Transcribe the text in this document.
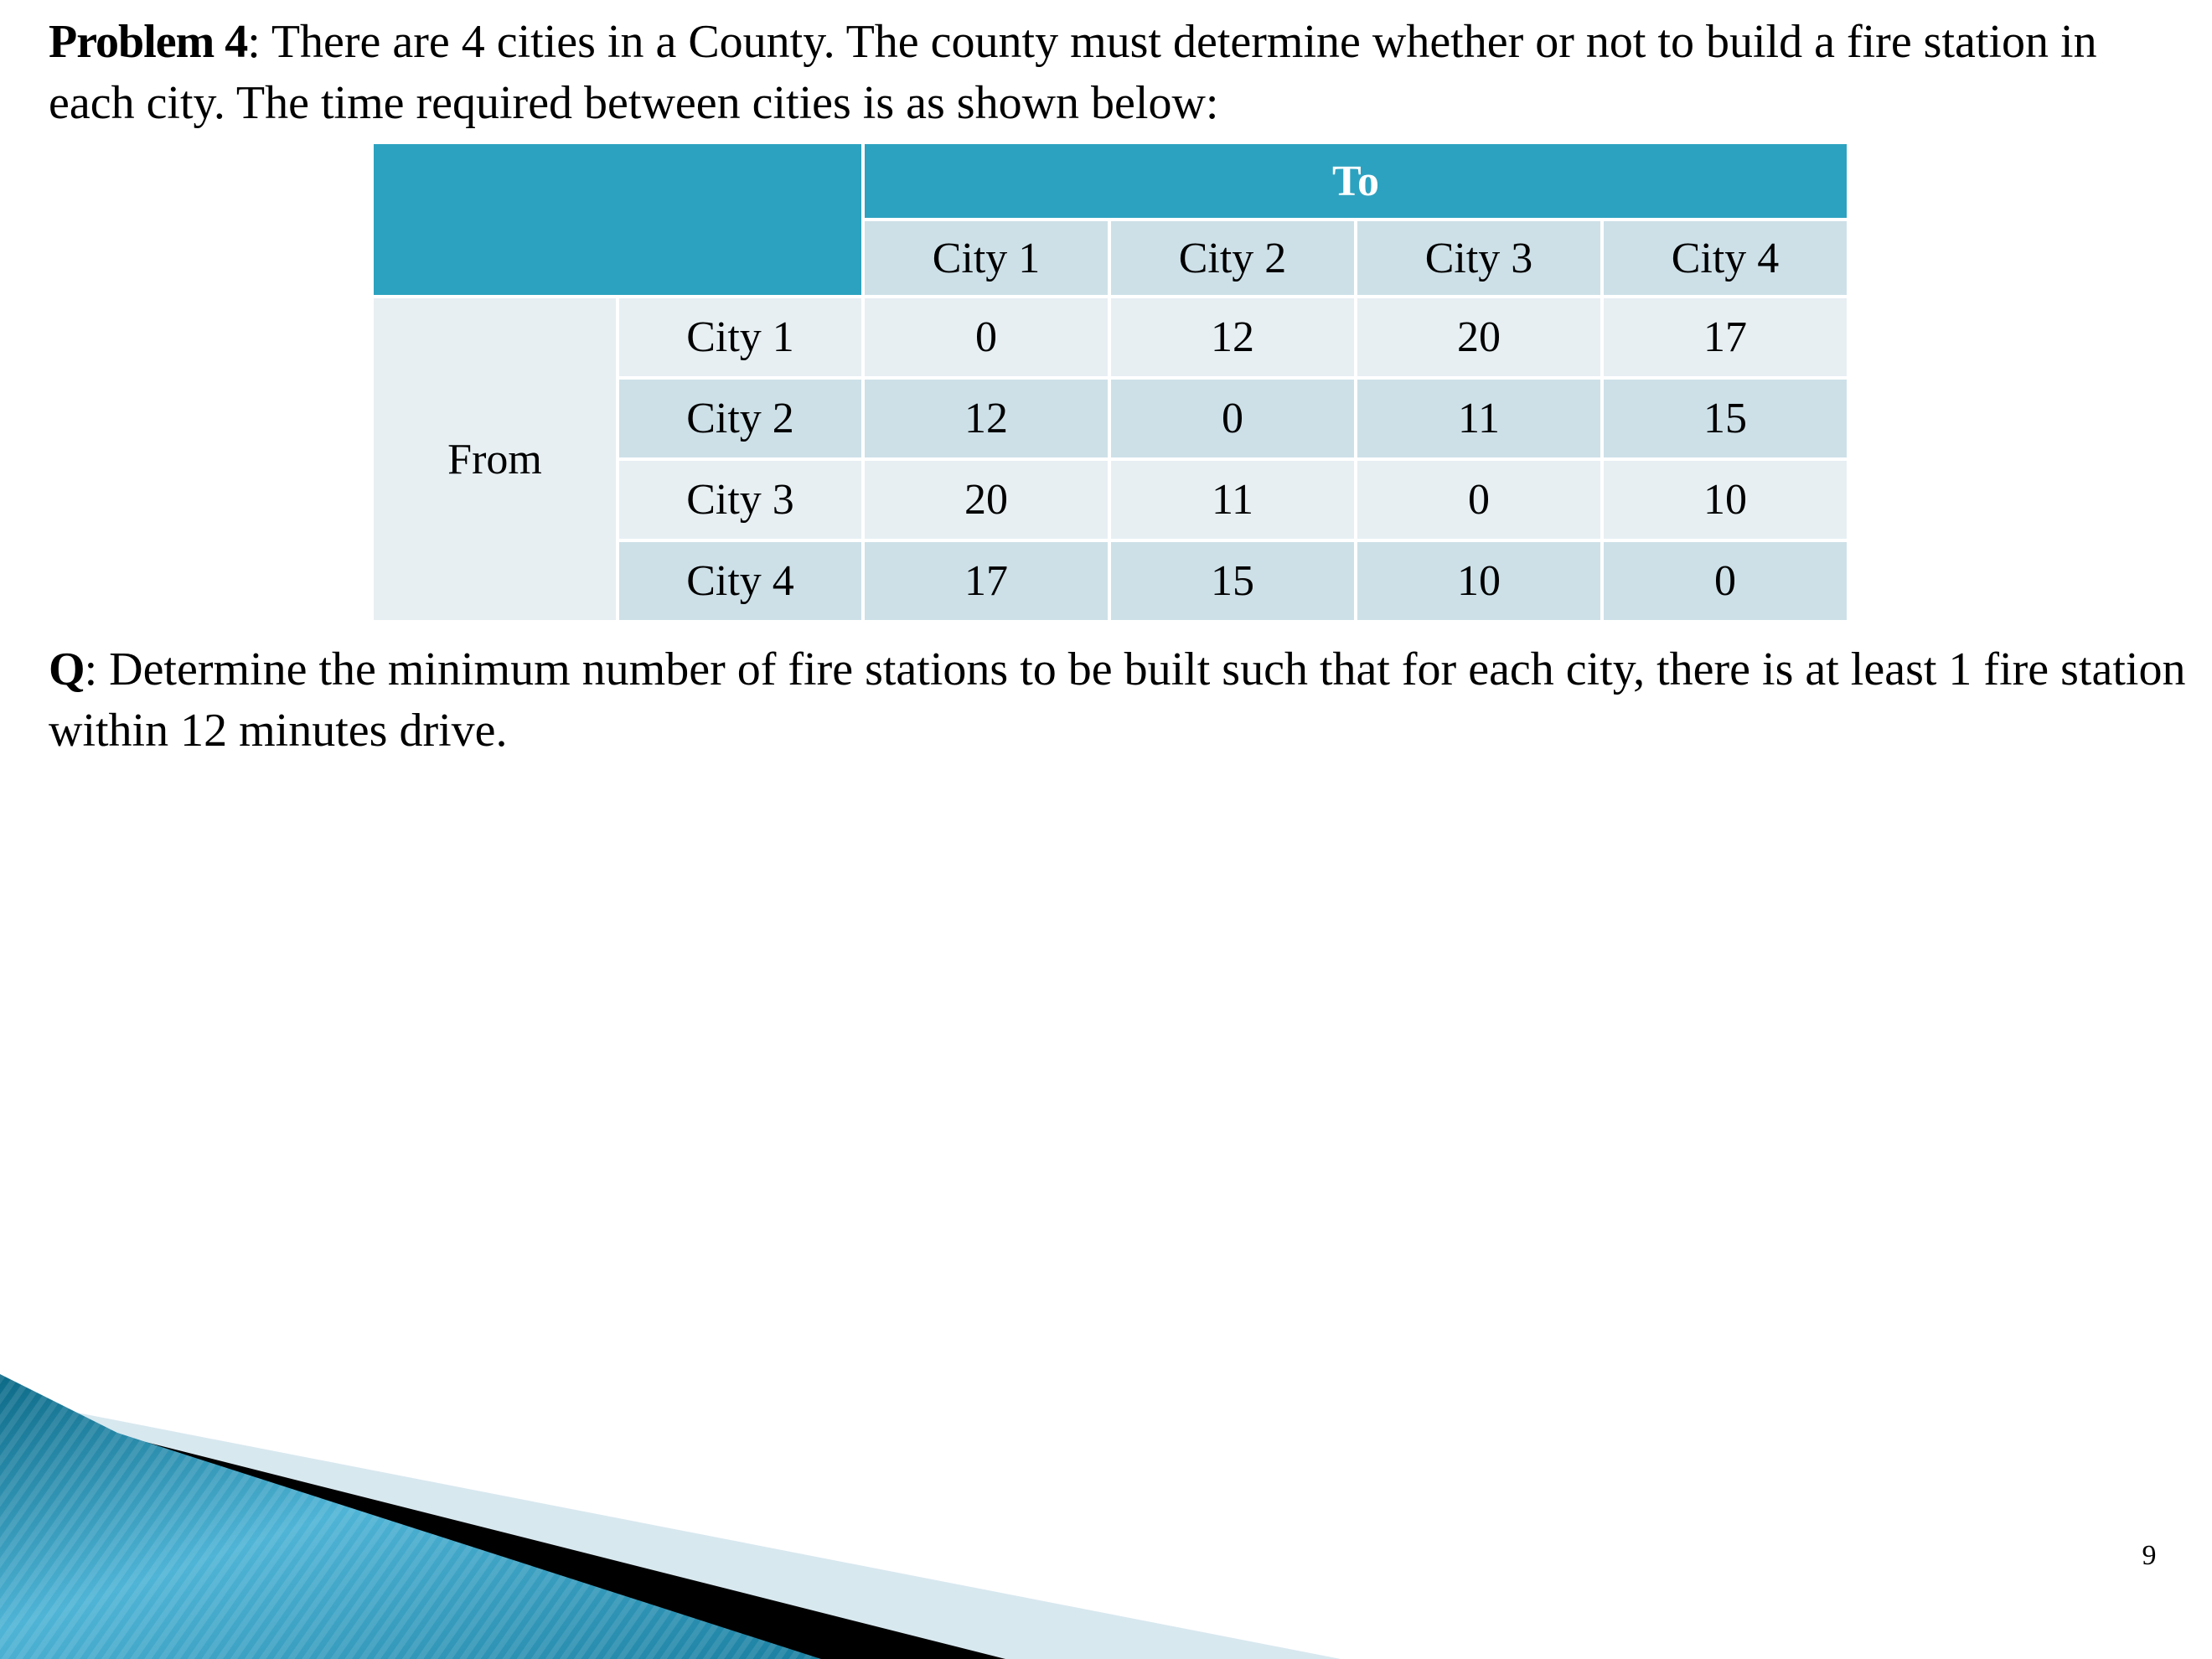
Problem 4: There are 4 cities in a County. The county must determine whether or not to build a fire station in each city. The time required between cities is as shown below:

		To			
		City 1	City 2	City 3	City 4
From	City 1	0	12	20	17
	City 2	12	0	11	15
	City 3	20	11	0	10
	City 4	17	15	10	0

Q: Determine the minimum number of fire stations to be built such that for each city, there is at least 1 fire station within 12 minutes drive.

9
